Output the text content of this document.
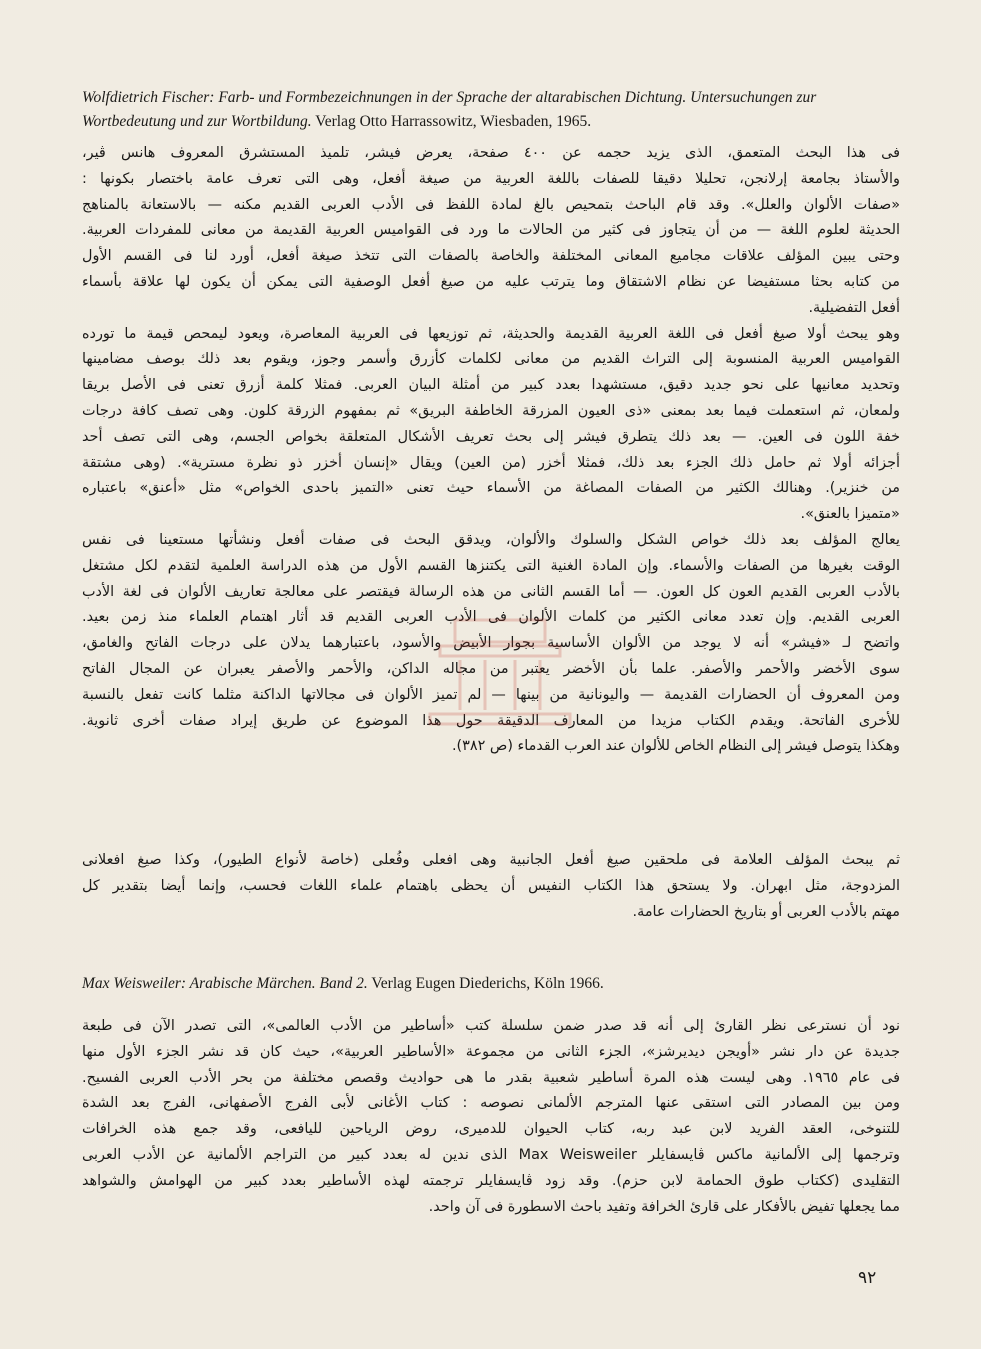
Wolfdietrich Fischer: Farb- und Formbezeichnungen in der Sprache der altarabischen Dichtung. Untersuchungen zur Wortbedeutung und zur Wortbildung. Verlag Otto Harrassowitz, Wiesbaden, 1965.

فى هذا البحث المتعمق، الذى يزيد حجمه عن ٤٠٠ صفحة، يعرض فيشر، تلميذ المستشرق المعروف هانس ڤير،
والأستاذ بجامعة إرلانجن، تحليلا دقيقا للصفات باللغة العربية من صيغة أفعل، وهى التى تعرف عامة باختصار بكونها :
«صفات الألوان والعلل». وقد قام الباحث بتمحيص بالغ لمادة اللفظ فى الأدب العربى القديم مكنه — بالاستعانة بالمناهج
الحديثة لعلوم اللغة — من أن يتجاوز فى كثير من الحالات ما ورد فى القواميس العربية القديمة من معانى للمفردات العربية.
وحتى يبين المؤلف علاقات مجاميع المعانى المختلفة والخاصة بالصفات التى تتخذ صيغة أفعل، أورد لنا فى القسم الأول
من كتابه بحثا مستفيضا عن نظام الاشتقاق وما يترتب عليه من صيغ أفعل الوصفية التى يمكن أن يكون لها علاقة بأسماء
أفعل التفضيلية.

وهو يبحث أولا صيغ أفعل فى اللغة العربية القديمة والحديثة، ثم توزيعها فى العربية المعاصرة، ويعود ليمحص قيمة ما تورده
القواميس العربية المنسوبة إلى التراث القديم من معانى لكلمات كأزرق وأسمر وجوز، ويقوم بعد ذلك بوصف مضامينها
وتحديد معانيها على نحو جديد دقيق، مستشهدا بعدد كبير من أمثلة البيان العربى. فمثلا كلمة أزرق تعنى فى الأصل بريقا
ولمعان، ثم استعملت فيما بعد بمعنى «ذى العيون المزرقة الخاطفة البريق» ثم بمفهوم الزرقة كلون. وهى تصف كافة درجات
خفة اللون فى العين. — بعد ذلك يتطرق فيشر إلى بحث تعريف الأشكال المتعلقة بخواص الجسم، وهى التى تصف أحد
أجزائه أولا ثم حامل ذلك الجزء بعد ذلك، فمثلا أخزر (من العين) ويقال «إنسان أخزر ذو نظرة مسترية». (وهى مشتقة
من خنزير). وهنالك الكثير من الصفات المصاغة من الأسماء حيث تعنى «التميز باحدى الخواص» مثل «أعنق» باعتباره
«متميزا بالعنق».

يعالج المؤلف بعد ذلك خواص الشكل والسلوك والألوان، ويدقق البحث فى صفات أفعل ونشأتها مستعينا فى نفس
الوقت بغيرها من الصفات والأسماء. وإن المادة الغنية التى يكتنزها القسم الأول من هذه الدراسة العلمية لتقدم لكل مشتغل
بالأدب العربى القديم العون كل العون. — أما القسم الثانى من هذه الرسالة فيقتصر على معالجة تعاريف الألوان فى لغة الأدب
العربى القديم. وإن تعدد معانى الكثير من كلمات الألوان فى الأدب العربى القديم قد أثار اهتمام العلماء منذ زمن بعيد.
واتضح لـ «فيشر» أنه لا يوجد من الألوان الأساسية بجوار الأبيض والأسود، باعتبارهما يدلان على درجات الفاتح والغامق،
سوى الأخضر والأحمر والأصفر. علما بأن الأخضر يعتبر من مجاله الداكن، والأحمر والأصفر يعبران عن المجال الفاتح
ومن المعروف أن الحضارات القديمة — واليونانية من بينها — لم تميز الألوان فى مجالاتها الداكنة مثلما كانت تفعل بالنسبة
للأخرى الفاتحة. ويقدم الكتاب مزيدا من المعارف الدقيقة حول هذا الموضوع عن طريق إيراد صفات أخرى ثانوية.
وهكذا يتوصل فيشر إلى النظام الخاص للألوان عند العرب القدماء (ص ٣٨٢).

ثم يبحث المؤلف العلامة فى ملحقين صيغ أفعل الجانبية وهى افعلى وفُعلى (خاصة لأنواع الطيور)، وكذا صيغ افعلانى
المزدوجة، مثل ابهران. ولا يستحق هذا الكتاب النفيس أن يحظى باهتمام علماء اللغات فحسب، وإنما أيضا بتقدير كل
مهتم بالأدب العربى أو بتاريخ الحضارات عامة.

Max Weisweiler: Arabische Märchen. Band 2. Verlag Eugen Diederichs, Köln 1966.

نود أن نسترعى نظر القارئ إلى أنه قد صدر ضمن سلسلة كتب «أساطير من الأدب العالمى»، التى تصدر الآن فى طبعة
جديدة عن دار نشر «أويجن ديديرشز»، الجزء الثانى من مجموعة «الأساطير العربية»، حيث كان قد نشر الجزء الأول منها
فى عام ١٩٦٥. وهى ليست هذه المرة أساطير شعبية بقدر ما هى حواديث وقصص مختلفة من بحر الأدب العربى الفسيح.
ومن بين المصادر التى استقى عنها المترجم الألمانى نصوصه : كتاب الأغانى لأبى الفرج الأصفهانى، الفرج بعد الشدة
للتنوخى، العقد الفريد لابن عبد ربه، كتاب الحيوان للدميرى، روض الرياحين لليافعى، وقد جمع هذه الخرافات
وترجمها إلى الألمانية ماكس ڤايسفايلر Max Weisweiler الذى ندين له بعدد كبير من التراجم الألمانية عن الأدب العربى
التقليدى (ككتاب طوق الحمامة لابن حزم). وقد زود ڤايسفايلر ترجمته لهذه الأساطير بعدد كبير من الهوامش والشواهد
مما يجعلها تفيض بالأفكار على قارئ الخرافة وتفيد باحث الاسطورة فى آن واحد.

٩٢
